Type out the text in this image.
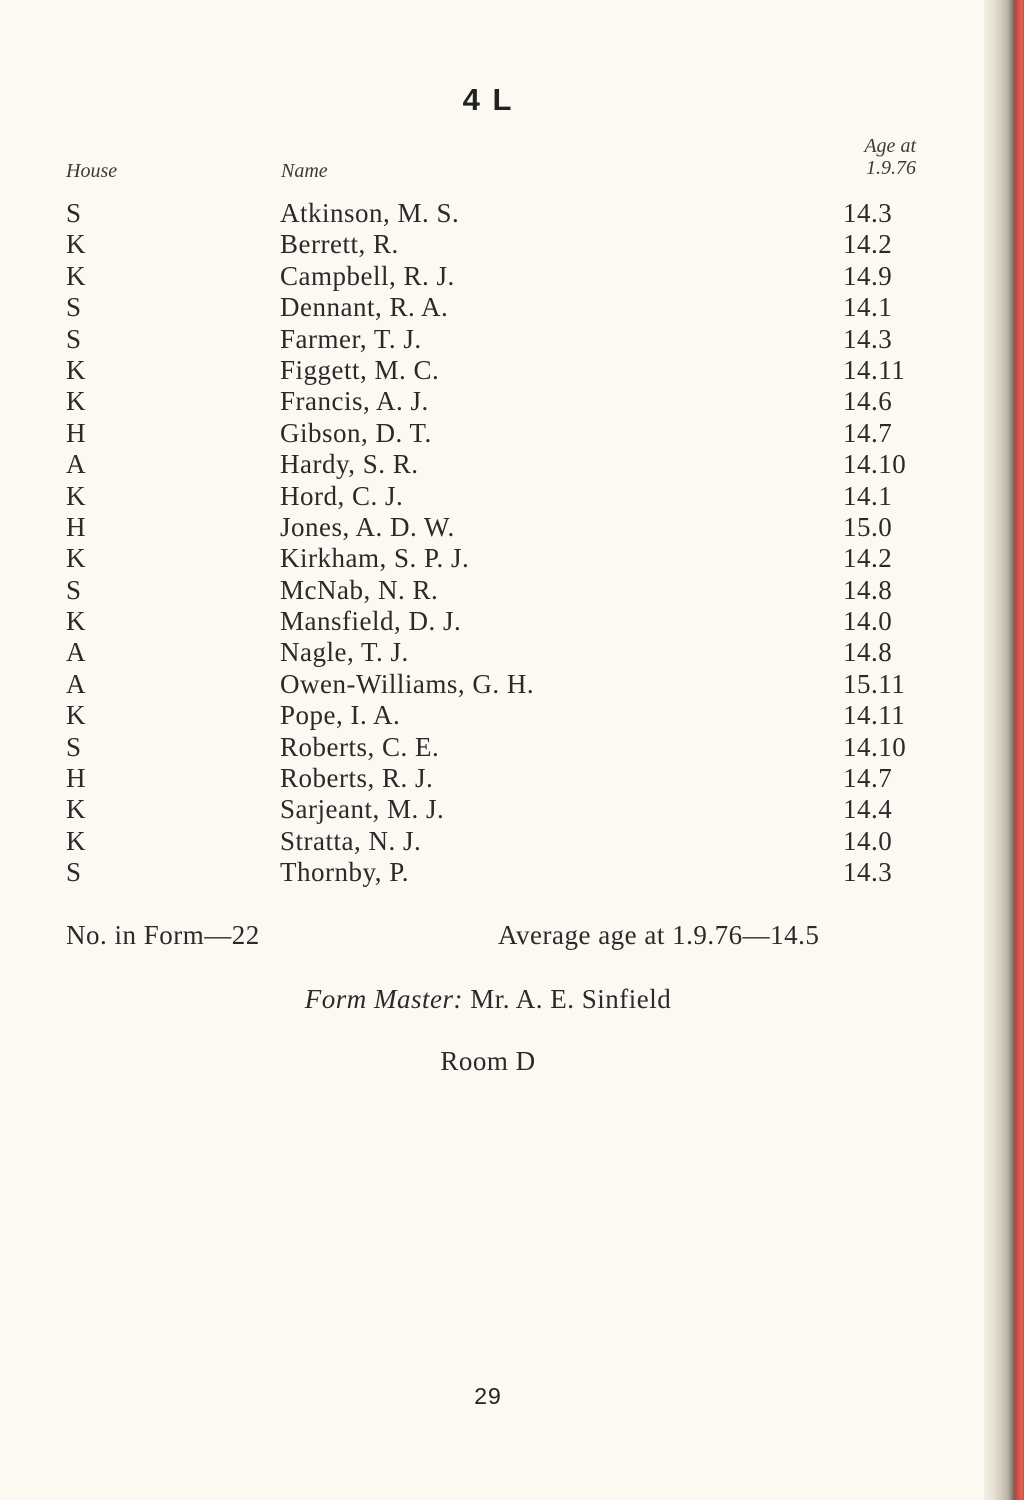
4 L
House	Name
Age at
1.9.76
S	Atkinson, M. S.	14.3
K	Berrett, R.	14.2
K	Campbell, R. J.	14.9
S	Dennant, R. A.	14.1
S	Farmer, T. J.	14.3
K	Figgett, M. C.	14.11
K	Francis, A. J.	14.6
H	Gibson, D. T.	14.7
A	Hardy, S. R.	14.10
K	Hord, C. J.	14.1
H	Jones, A. D. W.	15.0
K	Kirkham, S. P. J.	14.2
S	McNab, N. R.	14.8
K	Mansfield, D. J.	14.0
A	Nagle, T. J.	14.8
A	Owen-Williams, G. H.	15.11
K	Pope, I. A.	14.11
S	Roberts, C. E.	14.10
H	Roberts, R. J.	14.7
K	Sarjeant, M. J.	14.4
K	Stratta, N. J.	14.0
S	Thornby, P.	14.3
No. in Form—22	Average age at 1.9.76—14.5
Form Master: Mr. A. E. Sinfield
Room D
29
